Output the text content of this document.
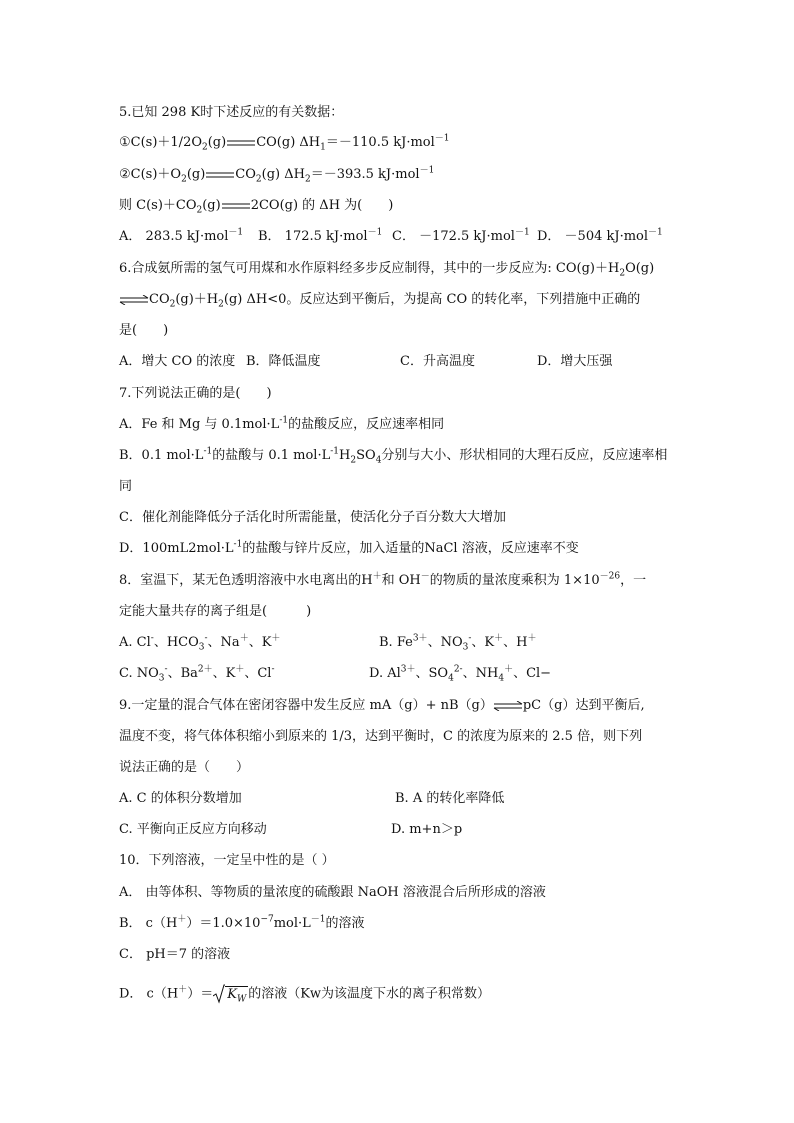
5.已知 298 K时下述反应的有关数据：
$①C(s)+1/2O_2(g)$ CO(g) $\Delta H_1=-110.5$ kJ·mol$^{-1}$
$②C(s)+O_2(g)$ $CO_2(g)$ $\Delta H_2=-393.5$ kJ·mol$^{-1}$
则 $C(s)+CO_2(g)$ 2CO(g) 的 ΔH 为(　　)
A． 283.5 kJ·mol$^{-1}$ B． 172.5 kJ·mol$^{-1}$ C． －172.5 kJ·mol$^{-1}$ D． －504 kJ·mol$^{-1}$
6.合成氨所需的氢气可用煤和水作原料经多步反应制得，其中的一步反应为: $CO(g)+H_2O(g)$
$\rightleftharpoons CO_2(g)+H_2(g)$ ΔH<0。反应达到平衡后，为提高 CO 的转化率，下列措施中正确的
是(　　)
A．增大 CO 的浓度 B．降低温度	C．升高温度	D．增大压强
7.下列说法正确的是(　　)
A．Fe 和 Mg 与 $0.1mol\cdot L^{-1}$的盐酸反应，反应速率相同
B．0.1 $mol\cdot L^{-1}$的盐酸与 0.1 $mol\cdot L^{-1}H_2SO_4$分别与大小、形状相同的大理石反应，反应速率相
同
C．催化剂能降低分子活化时所需能量，使活化分子百分数大大增加
D．$100mL2mol\cdot L^{-1}$的盐酸与锌片反应，加入适量的NaCl 溶液，反应速率不变
8．室温下，某无色透明溶液中水电离出的H＋和 OH－的物质的量浓度乘积为 $1\times 10^{-26}$，一
定能大量共存的离子组是(　　　)
A. Cl-、$HCO_3^-$、Na＋、K＋	B. $Fe^{3+}$、$NO_3^-$、K＋、H＋
C. $NO_3^-$、$Ba^{2+}$、K＋、Cl-	D. $Al^{3+}$、$SO_4^{2-}$、$NH_4^+$、Cl−
9.一定量的混合气体在密闭容器中发生反应 mA（g）+ nB（g）⇌pC（g）达到平衡后,
温度不变，将气体体积缩小到原来的 1/3，达到平衡时，C 的浓度为原来的 2.5 倍，则下列
说法正确的是（　　）
A. C 的体积分数增加	B. A 的转化率降低
C. 平衡向正反应方向移动	D. m+n＞p
10．下列溶液，一定呈中性的是（ ）
A． 由等体积、等物质的量浓度的硫酸跟 NaOH 溶液混合后所形成的溶液
B． $c(H^+)=1.0\times 10^{-7}mol\cdot L^{-1}$的溶液
C． pH＝7 的溶液
D． $c(H^+)= K_W$ 的溶液（Kw为该温度下水的离子积常数）
